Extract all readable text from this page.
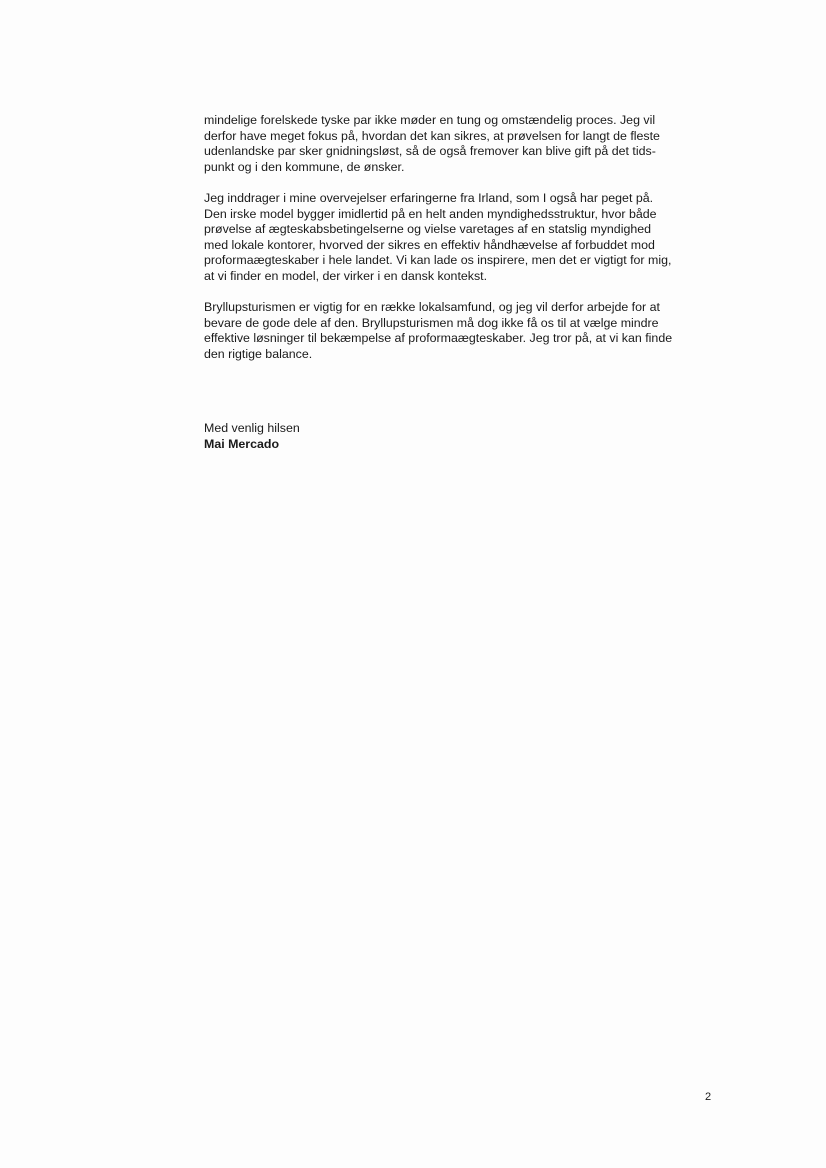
mindelige forelskede tyske par ikke møder en tung og omstændelig proces. Jeg vil
derfor have meget fokus på, hvordan det kan sikres, at prøvelsen for langt de fleste
udenlandske par sker gnidningsløst, så de også fremover kan blive gift på det tids-
punkt og i den kommune, de ønsker.

Jeg inddrager i mine overvejelser erfaringerne fra Irland, som I også har peget på.
Den irske model bygger imidlertid på en helt anden myndighedsstruktur, hvor både
prøvelse af ægteskabsbetingelserne og vielse varetages af en statslig myndighed
med lokale kontorer, hvorved der sikres en effektiv håndhævelse af forbuddet mod
proformaægteskaber i hele landet. Vi kan lade os inspirere, men det er vigtigt for mig,
at vi finder en model, der virker i en dansk kontekst.

Bryllupsturismen er vigtig for en række lokalsamfund, og jeg vil derfor arbejde for at
bevare de gode dele af den. Bryllupsturismen må dog ikke få os til at vælge mindre
effektive løsninger til bekæmpelse af proformaægteskaber. Jeg tror på, at vi kan finde
den rigtige balance.

Med venlig hilsen
Mai Mercado
2
